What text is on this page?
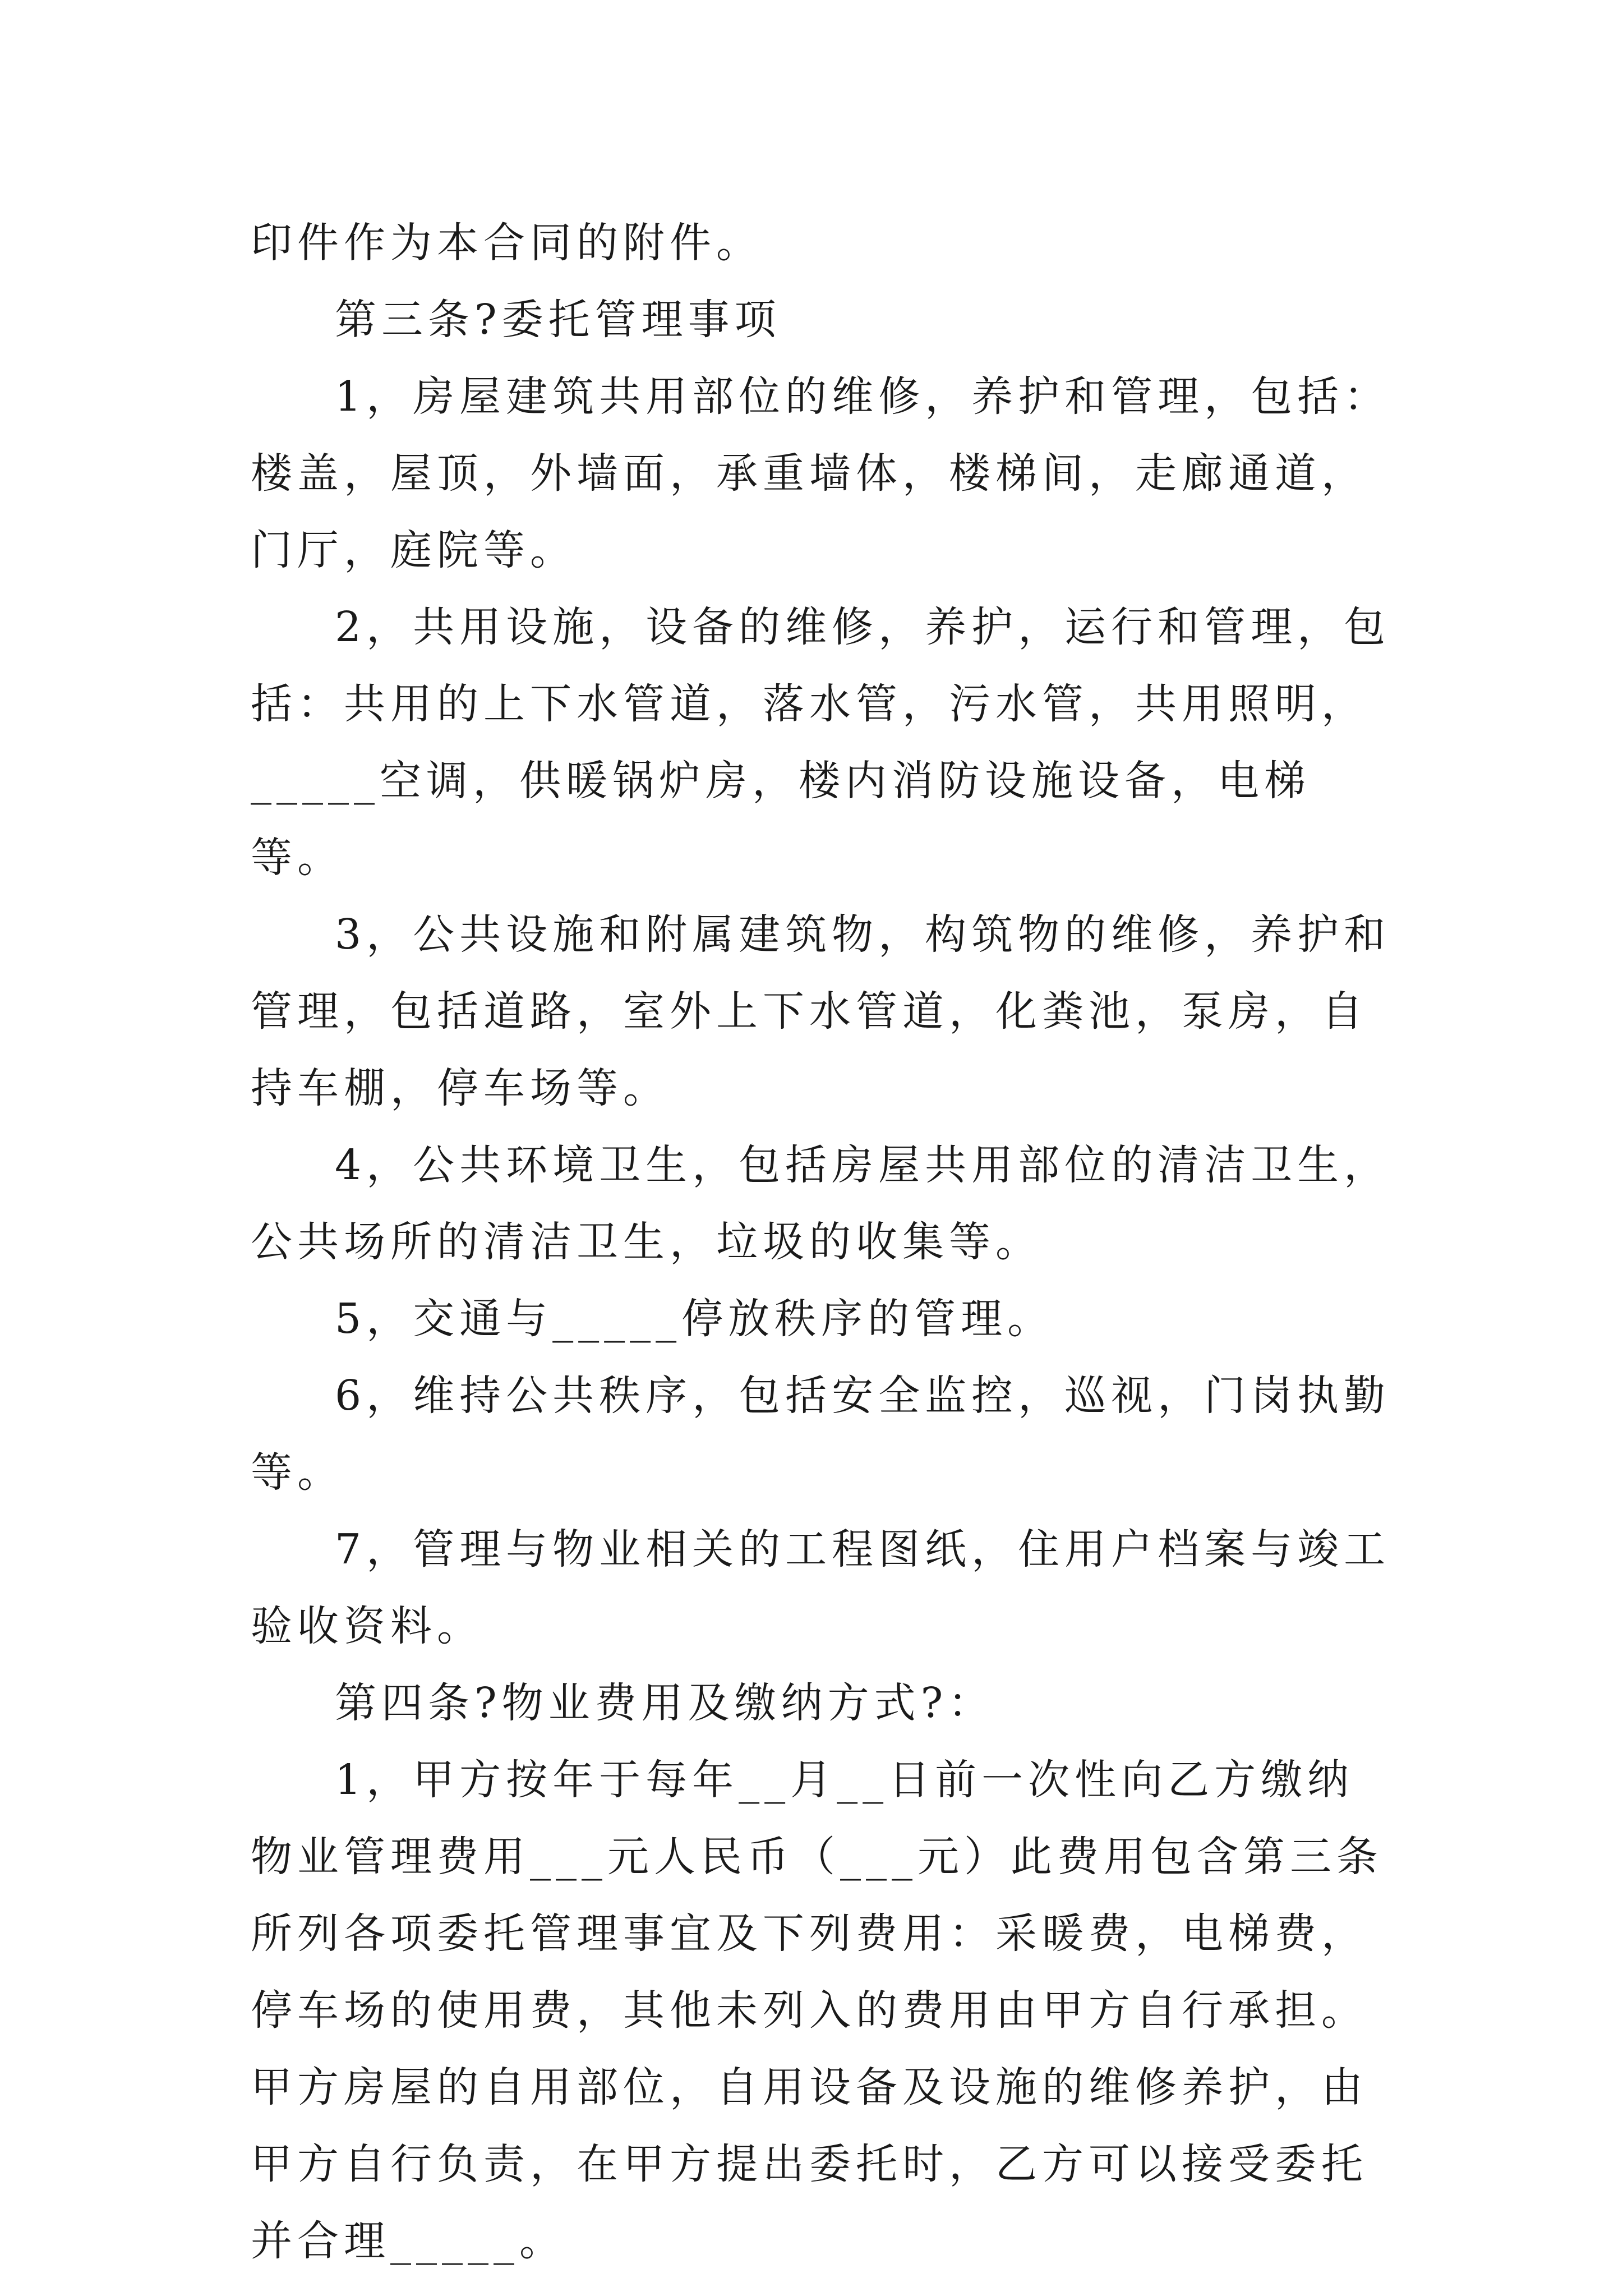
印件作为本合同的附件。

第三条?委托管理事项

1，房屋建筑共用部位的维修，养护和管理，包括：楼盖，屋顶，外墙面，承重墙体，楼梯间，走廊通道，门厅，庭院等。

2，共用设施，设备的维修，养护，运行和管理，包括：共用的上下水管道，落水管，污水管，共用照明，_____空调，供暖锅炉房，楼内消防设施设备，电梯等。

3，公共设施和附属建筑物，构筑物的维修，养护和管理，包括道路，室外上下水管道，化粪池，泵房，自持车棚，停车场等。

4，公共环境卫生，包括房屋共用部位的清洁卫生，公共场所的清洁卫生，垃圾的收集等。

5，交通与_____停放秩序的管理。

6，维持公共秩序，包括安全监控，巡视，门岗执勤等。

7，管理与物业相关的工程图纸，住用户档案与竣工验收资料。

第四条?物业费用及缴纳方式?：

1，甲方按年于每年__月__日前一次性向乙方缴纳物业管理费用___元人民币（___元）此费用包含第三条所列各项委托管理事宜及下列费用：采暖费，电梯费，停车场的使用费，其他未列入的费用由甲方自行承担。甲方房屋的自用部位，自用设备及设施的维修养护，由甲方自行负责，在甲方提出委托时，乙方可以接受委托并合理_____。
